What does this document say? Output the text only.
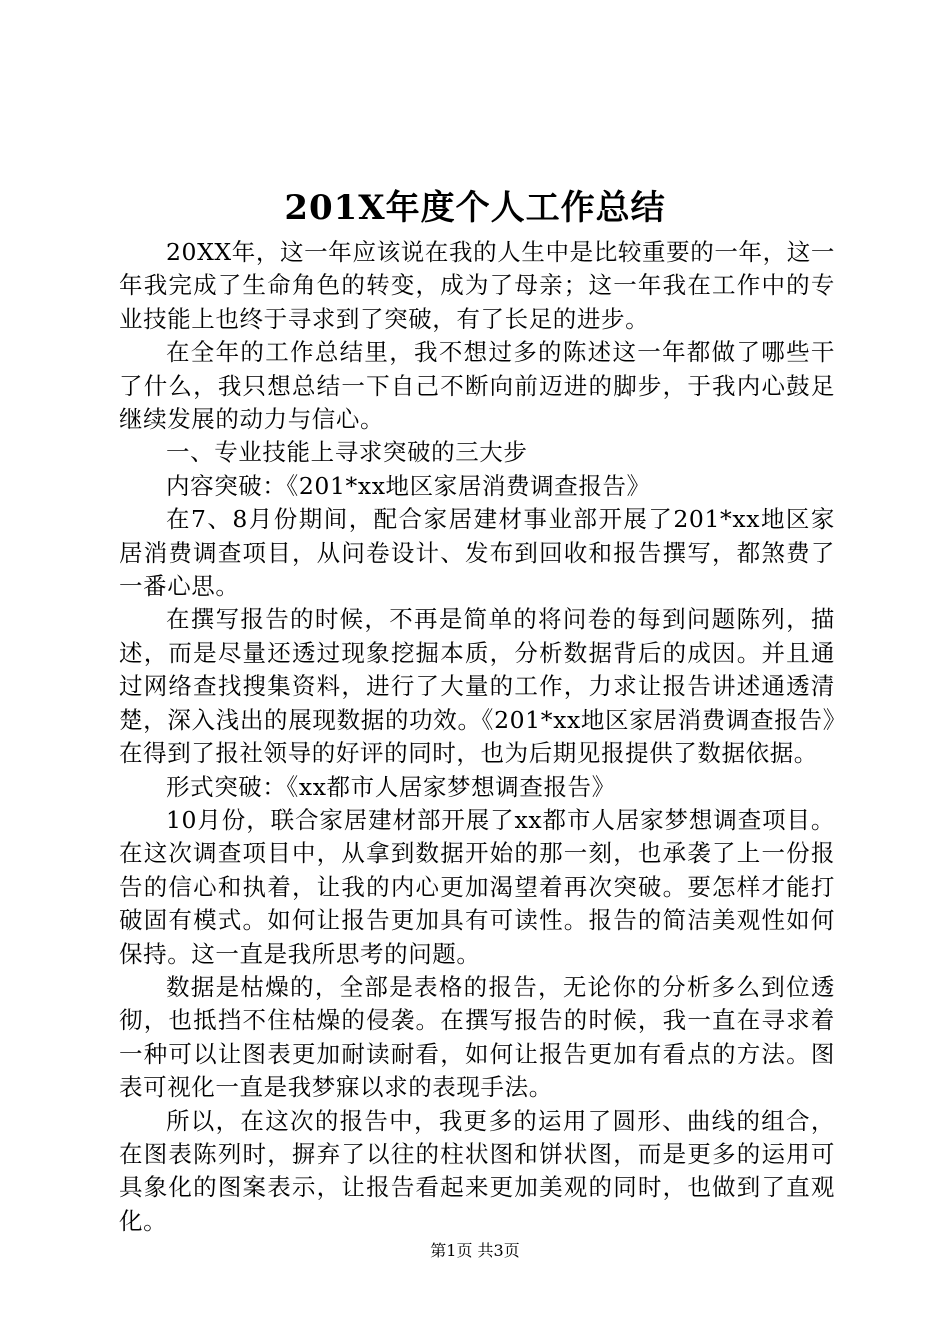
201X年度个人工作总结

20XX年，这一年应该说在我的人生中是比较重要的一年，这一年我完成了生命角色的转变，成为了母亲；这一年我在工作中的专业技能上也终于寻求到了突破，有了长足的进步。

在全年的工作总结里，我不想过多的陈述这一年都做了哪些干了什么，我只想总结一下自己不断向前迈进的脚步，于我内心鼓足继续发展的动力与信心。

一、专业技能上寻求突破的三大步

内容突破：《201*xx地区家居消费调查报告》

在7、8月份期间，配合家居建材事业部开展了201*xx地区家居消费调查项目，从问卷设计、发布到回收和报告撰写，都煞费了一番心思。

在撰写报告的时候，不再是简单的将问卷的每到问题陈列，描述，而是尽量还透过现象挖掘本质，分析数据背后的成因。并且通过网络查找搜集资料，进行了大量的工作，力求让报告讲述通透清楚，深入浅出的展现数据的功效。《201*xx地区家居消费调查报告》在得到了报社领导的好评的同时，也为后期见报提供了数据依据。

形式突破：《xx都市人居家梦想调查报告》

10月份，联合家居建材部开展了xx都市人居家梦想调查项目。在这次调查项目中，从拿到数据开始的那一刻，也承袭了上一份报告的信心和执着，让我的内心更加渴望着再次突破。要怎样才能打破固有模式。如何让报告更加具有可读性。报告的简洁美观性如何保持。这一直是我所思考的问题。

数据是枯燥的，全部是表格的报告，无论你的分析多么到位透彻，也抵挡不住枯燥的侵袭。在撰写报告的时候，我一直在寻求着一种可以让图表更加耐读耐看，如何让报告更加有看点的方法。图表可视化一直是我梦寐以求的表现手法。

所以，在这次的报告中，我更多的运用了圆形、曲线的组合，在图表陈列时，摒弃了以往的柱状图和饼状图，而是更多的运用可具象化的图案表示，让报告看起来更加美观的同时，也做到了直观化。

第1页 共3页
